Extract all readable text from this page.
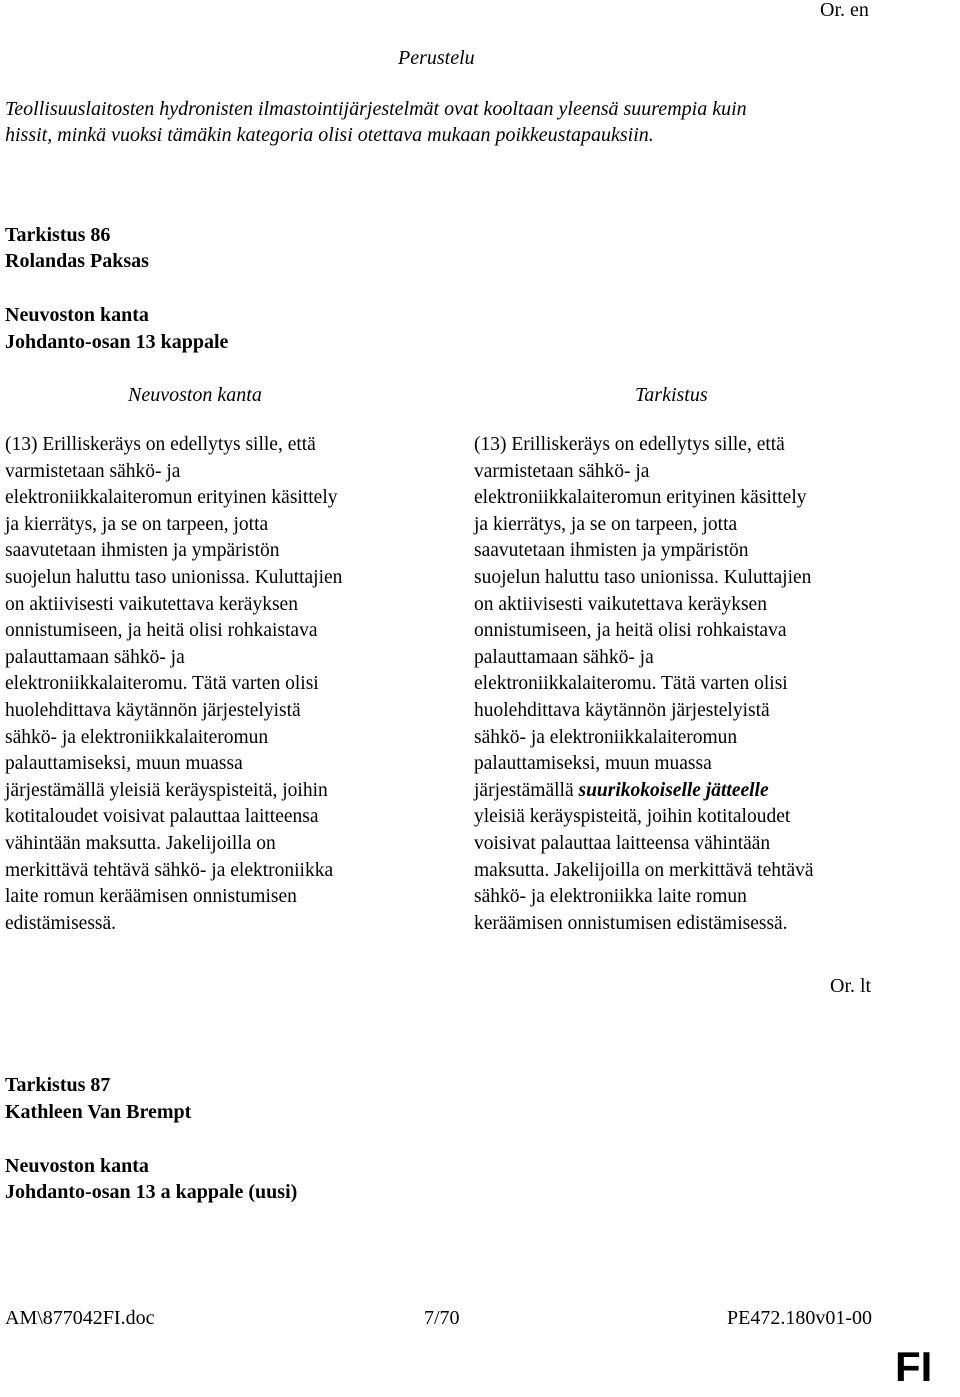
Or. en
Perustelu
Teollisuuslaitosten hydronisten ilmastointijärjestelmät ovat kooltaan yleensä suurempia kuin
hissit, minkä vuoksi tämäkin kategoria olisi otettava mukaan poikkeustapauksiin.
Tarkistus 86
Rolandas Paksas
Neuvoston kanta
Johdanto-osan 13 kappale
Neuvoston kanta	Tarkistus
(13) Erilliskeräys on edellytys sille, että
varmistetaan sähkö- ja
elektroniikkalaiteromun erityinen käsittely
ja kierrätys, ja se on tarpeen, jotta
saavutetaan ihmisten ja ympäristön
suojelun haluttu taso unionissa. Kuluttajien
on aktiivisesti vaikutettava keräyksen
onnistumiseen, ja heitä olisi rohkaistava
palauttamaan sähkö- ja
elektroniikkalaiteromu. Tätä varten olisi
huolehdittava käytännön järjestelyistä
sähkö- ja elektroniikkalaiteromun
palauttamiseksi, muun muassa
järjestämällä yleisiä keräyspisteitä, joihin
kotitaloudet voisivat palauttaa laitteensa
vähintään maksutta. Jakelijoilla on
merkittävä tehtävä sähkö- ja elektroniikka
laite romun keräämisen onnistumisen
edistämisessä.
(13) Erilliskeräys on edellytys sille, että
varmistetaan sähkö- ja
elektroniikkalaiteromun erityinen käsittely
ja kierrätys, ja se on tarpeen, jotta
saavutetaan ihmisten ja ympäristön
suojelun haluttu taso unionissa. Kuluttajien
on aktiivisesti vaikutettava keräyksen
onnistumiseen, ja heitä olisi rohkaistava
palauttamaan sähkö- ja
elektroniikkalaiteromu. Tätä varten olisi
huolehdittava käytännön järjestelyistä
sähkö- ja elektroniikkalaiteromun
palauttamiseksi, muun muassa
järjestämällä suurikokoiselle jätteelle
yleisiä keräyspisteitä, joihin kotitaloudet
voisivat palauttaa laitteensa vähintään
maksutta. Jakelijoilla on merkittävä tehtävä
sähkö- ja elektroniikka laite romun
keräämisen onnistumisen edistämisessä.
Or. lt
Tarkistus 87
Kathleen Van Brempt
Neuvoston kanta
Johdanto-osan 13 a kappale (uusi)
AM\877042FI.doc	7/70	PE472.180v01-00
FI
